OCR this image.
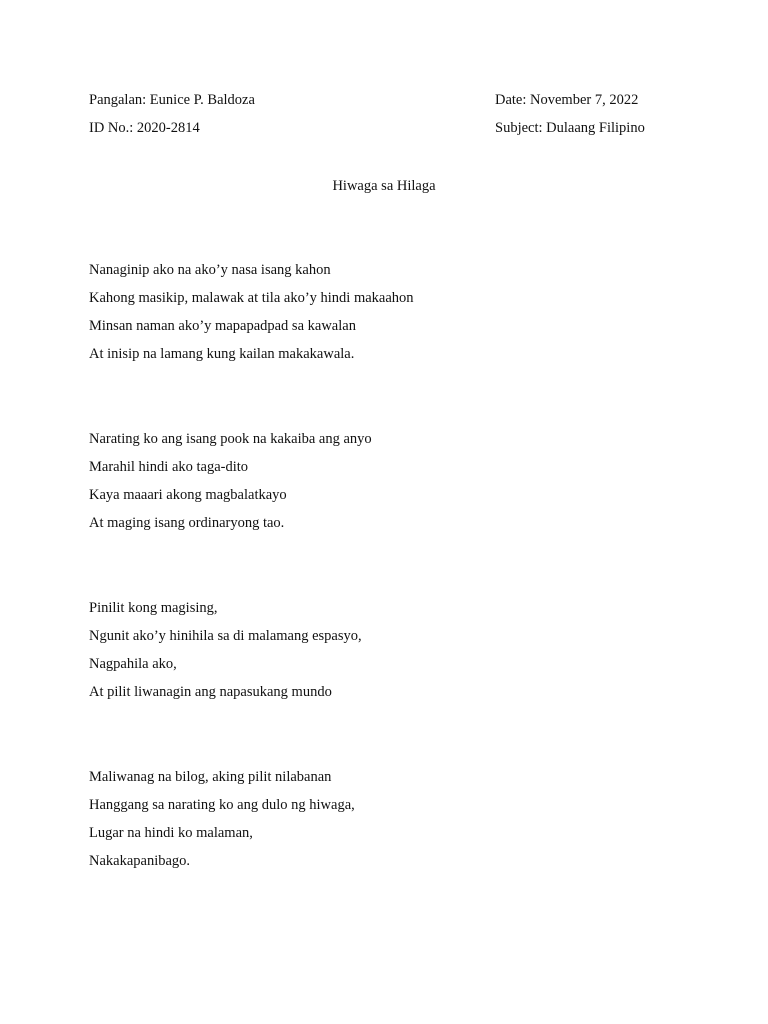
Pangalan: Eunice P. Baldoza
ID No.: 2020-2814
Date: November 7, 2022
Subject: Dulaang Filipino
Hiwaga sa Hilaga
Nanaginip ako na ako’y nasa isang kahon
Kahong masikip, malawak at tila ako’y hindi makaahon
Minsan naman ako’y mapapadpad sa kawalan
At inisip na lamang kung kailan makakawala.
Narating ko ang isang pook na kakaiba ang anyo
Marahil hindi ako taga-dito
Kaya maaari akong magbalatkayo
At maging isang ordinaryong tao.
Pinilit kong magising,
Ngunit ako’y hinihila sa di malamang espasyo,
Nagpahila ako,
At pilit liwanagin ang napasukang mundo
Maliwanag na bilog, aking pilit nilabanan
Hanggang sa narating ko ang dulo ng hiwaga,
Lugar na hindi ko malaman,
Nakakapanibago.
